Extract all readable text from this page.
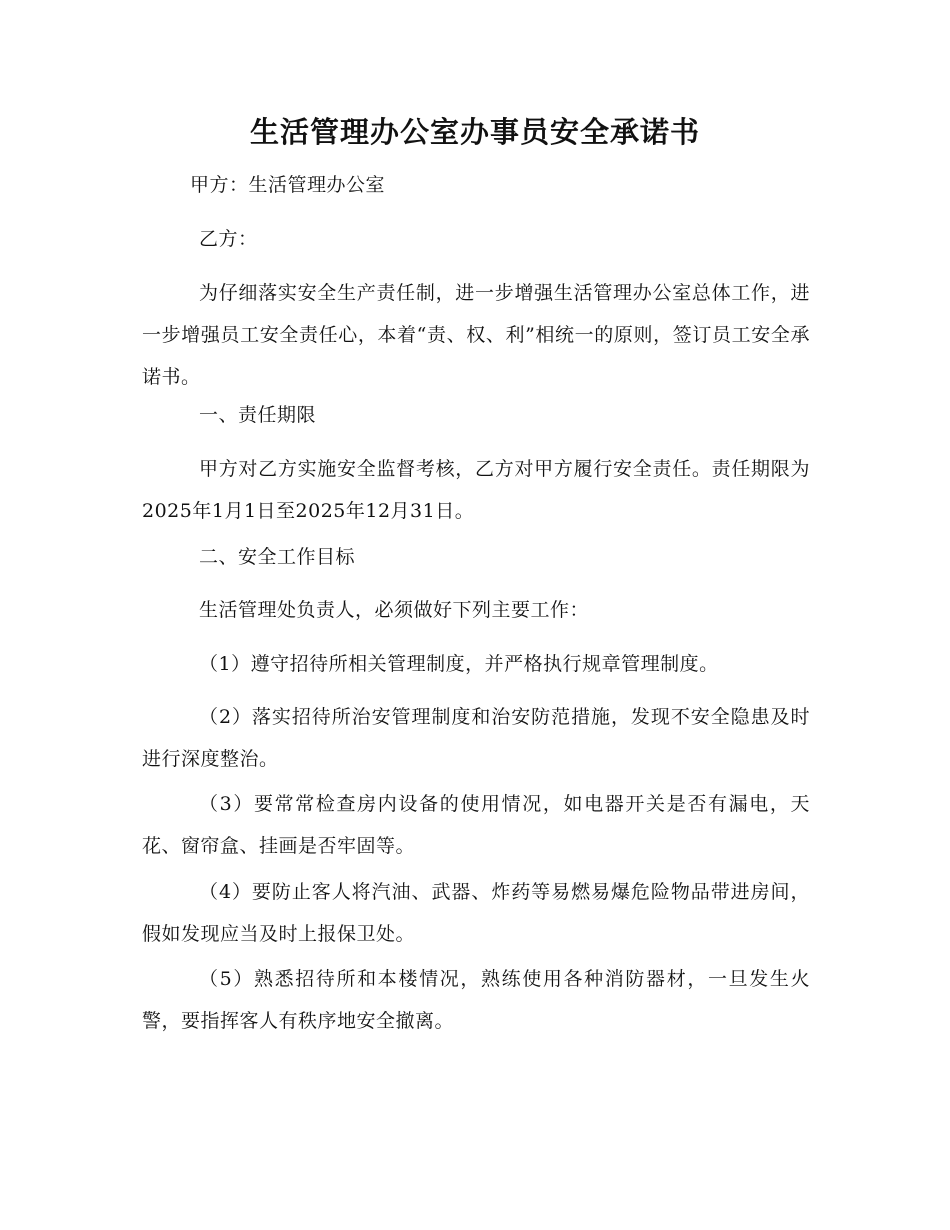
生活管理办公室办事员安全承诺书

甲方：生活管理办公室

乙方：

为仔细落实安全生产责任制，进一步增强生活管理办公室总体工作，进一步增强员工安全责任心，本着“责、权、利”相统一的原则，签订员工安全承诺书。

一、责任期限

甲方对乙方实施安全监督考核，乙方对甲方履行安全责任。责任期限为2025年1月1日至2025年12月31日。

二、安全工作目标

生活管理处负责人，必须做好下列主要工作：

（1）遵守招待所相关管理制度，并严格执行规章管理制度。

（2）落实招待所治安管理制度和治安防范措施，发现不安全隐患及时进行深度整治。

（3）要常常检查房内设备的使用情况，如电器开关是否有漏电，天花、窗帘盒、挂画是否牢固等。

（4）要防止客人将汽油、武器、炸药等易燃易爆危险物品带进房间，假如发现应当及时上报保卫处。

（5）熟悉招待所和本楼情况，熟练使用各种消防器材，一旦发生火警，要指挥客人有秩序地安全撤离。
